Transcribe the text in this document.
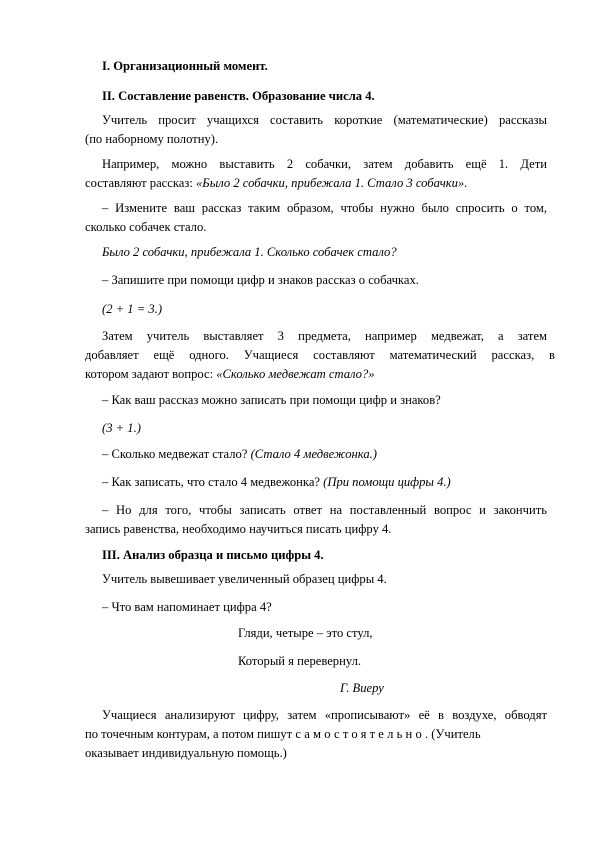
I. Организационный момент.

II. Составление равенств. Образование числа 4.

Учитель просит учащихся составить короткие (математические) рассказы

(по наборному полотну).

Например, можно выставить 2 собачки, затем добавить ещё 1. Дети

составляют рассказ: «Было 2 собачки, прибежала 1. Стало 3 собачки».

– Измените ваш рассказ таким образом, чтобы нужно было спросить о том,

сколько собачек стало.

Было 2 собачки, прибежала 1. Сколько собачек стало?

– Запишите при помощи цифр и знаков рассказ о собачках.

(2 + 1 = 3.)

Затем учитель выставляет 3 предмета, например медвежат, а затем

добавляет ещё одного. Учащиеся составляют математический рассказ, в

котором задают вопрос: «Сколько медвежат стало?»

– Как ваш рассказ можно записать при помощи цифр и знаков?

(3 + 1.)

– Сколько медвежат стало? (Стало 4 медвежонка.)

– Как записать, что стало 4 медвежонка? (При помощи цифры 4.)

– Но для того, чтобы записать ответ на поставленный вопрос и закончить

запись равенства, необходимо научиться писать цифру 4.

III. Анализ образца и письмо цифры 4.

Учитель вывешивает увеличенный образец цифры 4.

– Что вам напоминает цифра 4?

Гляди, четыре – это стул,
Который я перевернул.
Г. Виеру

Учащиеся анализируют цифру, затем «прописывают» её в воздухе, обводят

по точечным контурам, а потом пишут самостоятельно. (Учитель

оказывает индивидуальную помощь.)
